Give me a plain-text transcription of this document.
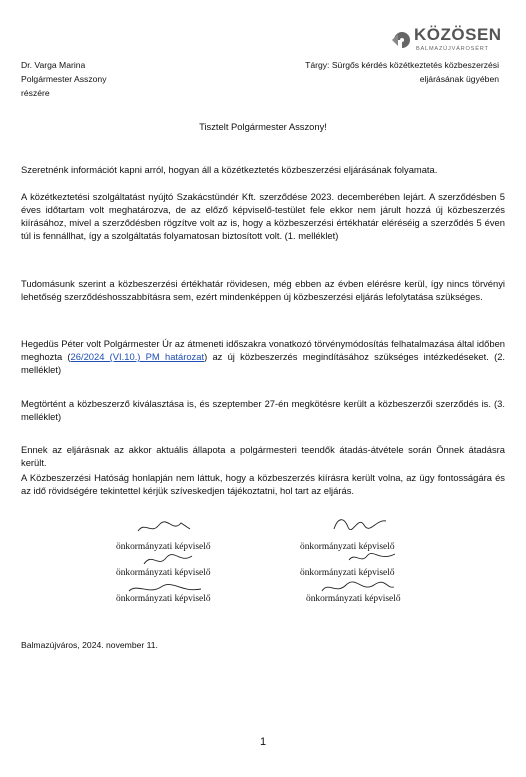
KÖZÖSEN
BALMAZÚJVÁROSÉRT
Dr. Varga Marina
Polgármester Asszony
részére
Tárgy: Sürgős kérdés közétkeztetés közbeszerzési
eljárásának ügyében
Tisztelt Polgármester Asszony!
Szeretnénk információt kapni arról, hogyan áll a közétkeztetés közbeszerzési eljárásának folyamata.
A közétkeztetési szolgáltatást nyújtó Szakácstündér Kft. szerződése 2023. decemberében lejárt. A szerződésben 5 éves időtartam volt meghatározva, de az előző képviselő-testület fele ekkor nem járult hozzá új közbeszerzés kiírásához, mivel a szerződésben rögzítve volt az is, hogy a közbeszerzési értékhatár eléréséig a szerződés 5 éven túl is fennállhat, így a szolgáltatás folyamatosan biztosított volt. (1. melléklet)
Tudomásunk szerint a közbeszerzési értékhatár rövidesen, még ebben az évben elérésre kerül, így nincs törvényi lehetőség szerződéshosszabbításra sem, ezért mindenképpen új közbeszerzési eljárás lefolytatása szükséges.
Hegedüs Péter volt Polgármester Úr az átmeneti időszakra vonatkozó törvénymódosítás felhatalmazása által időben meghozta (26/2024 (VI.10.) PM határozat) az új közbeszerzés megindításához szükséges intézkedéseket. (2. melléklet)
Megtörtént a közbeszerző kiválasztása is, és szeptember 27-én megkötésre került a közbeszerzői szerződés is. (3. melléklet)
Ennek az eljárásnak az akkor aktuális állapota a polgármesteri teendők átadás-átvétele során Önnek átadásra került.
A Közbeszerzési Hatóság honlapján nem láttuk, hogy a közbeszerzés kiírásra került volna, az ügy fontosságára és az idő rövidségére tekintettel kérjük szíveskedjen tájékoztatni, hol tart az eljárás.
önkormányzati képviselő	önkormányzati képviselő
önkormányzati képviselő	önkormányzati képviselő
önkormányzati képviselő	önkormányzati képviselő
Balmazújváros, 2024. november 11.
1
